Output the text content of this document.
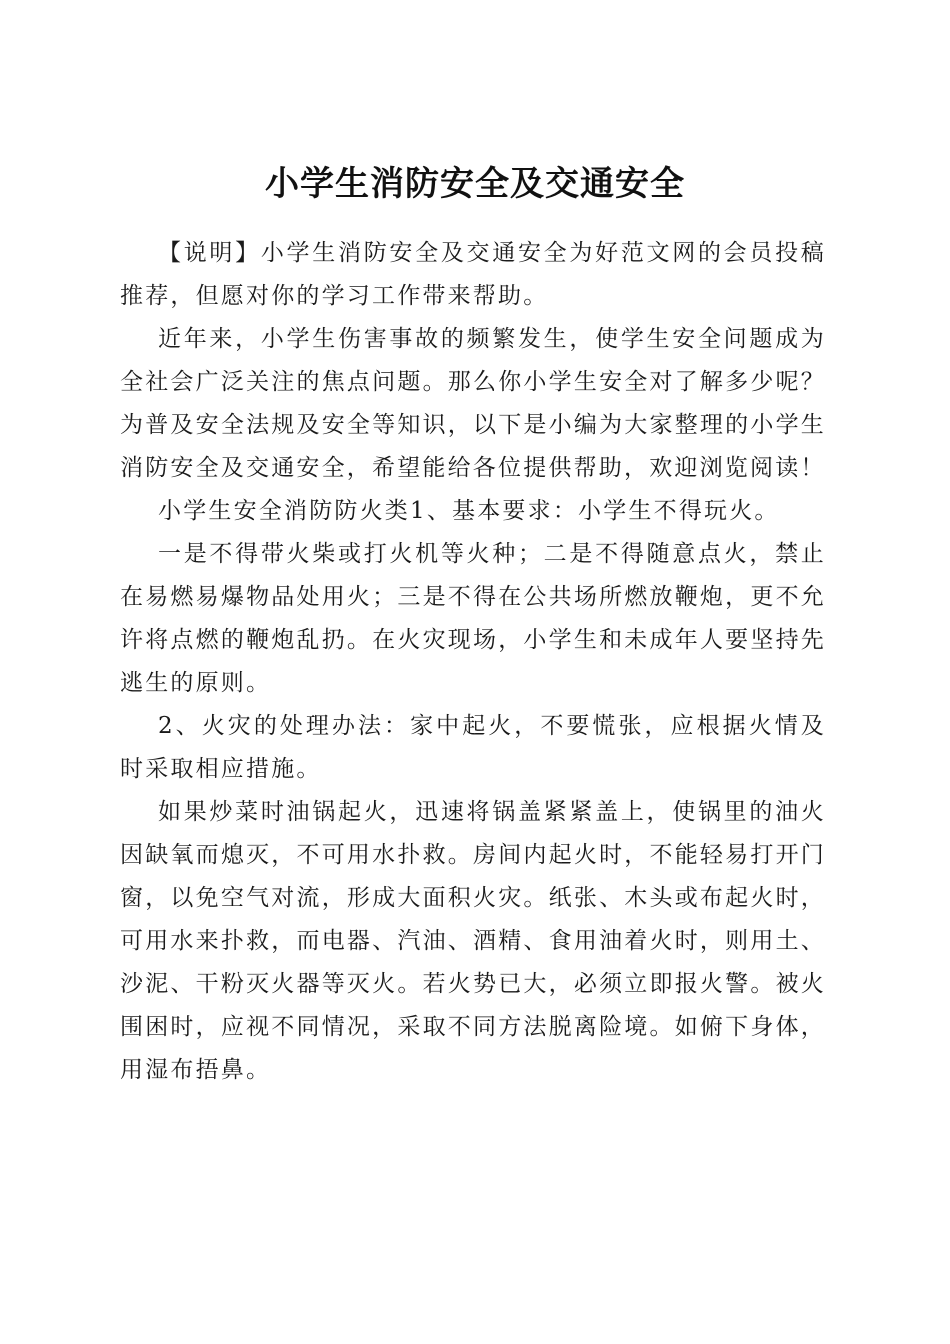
小学生消防安全及交通安全

【说明】小学生消防安全及交通安全为好范文网的会员投稿推荐，但愿对你的学习工作带来帮助。

近年来，小学生伤害事故的频繁发生，使学生安全问题成为全社会广泛关注的焦点问题。那么你小学生安全对了解多少呢？为普及安全法规及安全等知识，以下是小编为大家整理的小学生消防安全及交通安全，希望能给各位提供帮助，欢迎浏览阅读！

小学生安全消防防火类1、基本要求：小学生不得玩火。

一是不得带火柴或打火机等火种；二是不得随意点火，禁止在易燃易爆物品处用火；三是不得在公共场所燃放鞭炮，更不允许将点燃的鞭炮乱扔。在火灾现场，小学生和未成年人要坚持先逃生的原则。

2、火灾的处理办法：家中起火，不要慌张，应根据火情及时采取相应措施。

如果炒菜时油锅起火，迅速将锅盖紧紧盖上，使锅里的油火因缺氧而熄灭，不可用水扑救。房间内起火时，不能轻易打开门窗，以免空气对流，形成大面积火灾。纸张、木头或布起火时，可用水来扑救，而电器、汽油、酒精、食用油着火时，则用土、沙泥、干粉灭火器等灭火。若火势已大，必须立即报火警。被火围困时，应视不同情况，采取不同方法脱离险境。如俯下身体，用湿布捂鼻。
